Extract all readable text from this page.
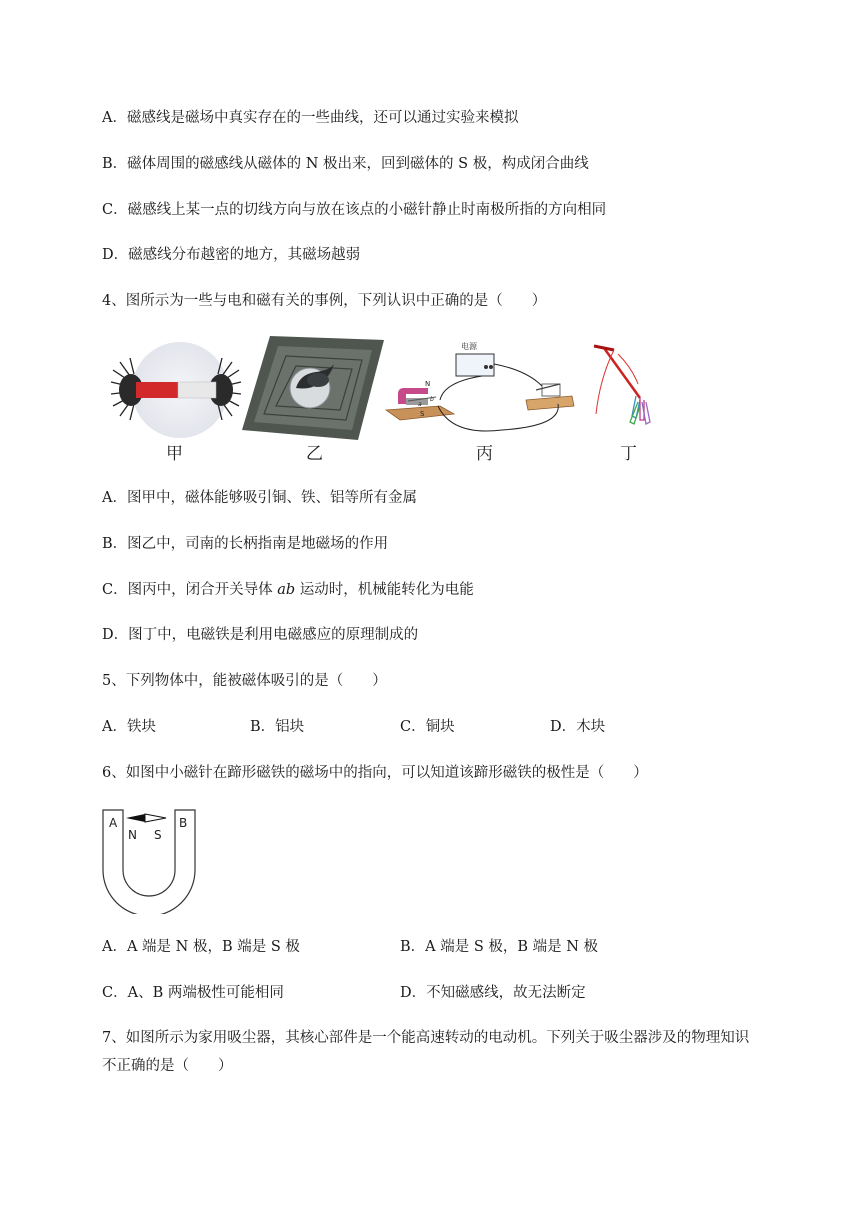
A．磁感线是磁场中真实存在的一些曲线，还可以通过实验来模拟
B．磁体周围的磁感线从磁体的 N 极出来，回到磁体的 S 极，构成闭合曲线
C．磁感线上某一点的切线方向与放在该点的小磁针静止时南极所指的方向相同
D．磁感线分布越密的地方，其磁场越弱
4、图所示为一些与电和磁有关的事例，下列认识中正确的是（　　）
甲	乙
电源
N
S
a
b
丙	丁
A．图甲中，磁体能够吸引铜、铁、铝等所有金属
B．图乙中，司南的长柄指南是地磁场的作用
C．图丙中，闭合开关导体 ab 运动时，机械能转化为电能
D．图丁中，电磁铁是利用电磁感应的原理制成的
5、下列物体中，能被磁体吸引的是（　　）
A．铁块	B．铝块	C．铜块	D．木块
6、如图中小磁针在蹄形磁铁的磁场中的指向，可以知道该蹄形磁铁的极性是（　　）
A	B
N S
A．A 端是 N 极，B 端是 S 极	B．A 端是 S 极，B 端是 N 极
C．A、B 两端极性可能相同	D．不知磁感线，故无法断定
7、如图所示为家用吸尘器，其核心部件是一个能高速转动的电动机。下列关于吸尘器涉及的物理知识
不正确的是（　　）
